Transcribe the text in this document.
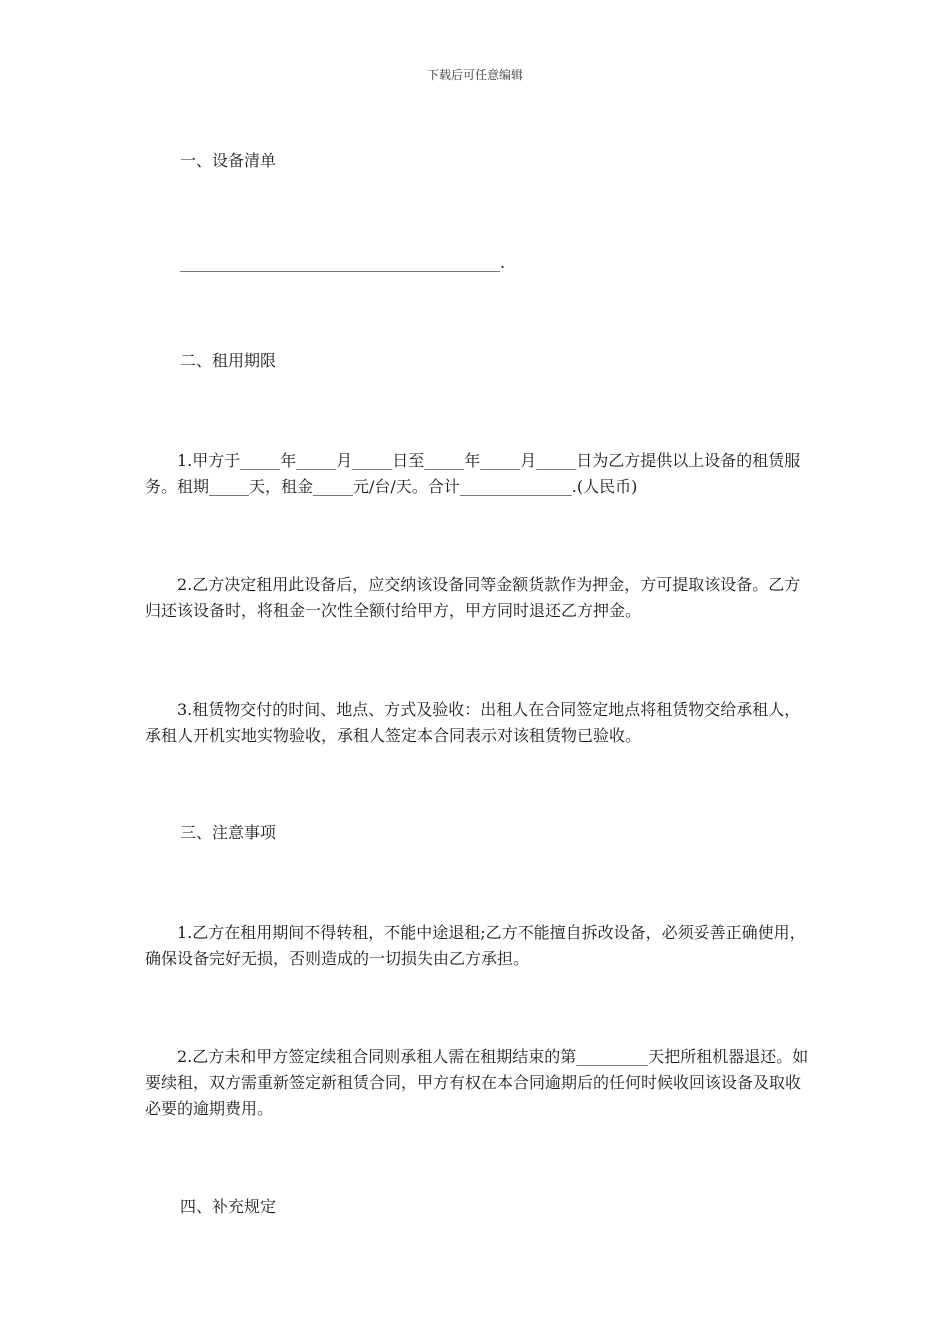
下载后可任意编辑
一、设备清单
________________________________________.
二、租用期限
　　1.甲方于_____年_____月_____日至_____年_____月_____日为乙方提供以上设备的租赁服务。租期_____天，租金_____元/台/天。合计______________.(人民币)
　　2.乙方决定租用此设备后，应交纳该设备同等金额货款作为押金，方可提取该设备。乙方归还该设备时，将租金一次性全额付给甲方，甲方同时退还乙方押金。
　　3.租赁物交付的时间、地点、方式及验收：出租人在合同签定地点将租赁物交给承租人，承租人开机实地实物验收，承租人签定本合同表示对该租赁物已验收。
三、注意事项
　　1.乙方在租用期间不得转租，不能中途退租;乙方不能擅自拆改设备，必须妥善正确使用，确保设备完好无损，否则造成的一切损失由乙方承担。
　　2.乙方未和甲方签定续租合同则承租人需在租期结束的第_________天把所租机器退还。如要续租，双方需重新签定新租赁合同，甲方有权在本合同逾期后的任何时候收回该设备及取收必要的逾期费用。
四、补充规定
